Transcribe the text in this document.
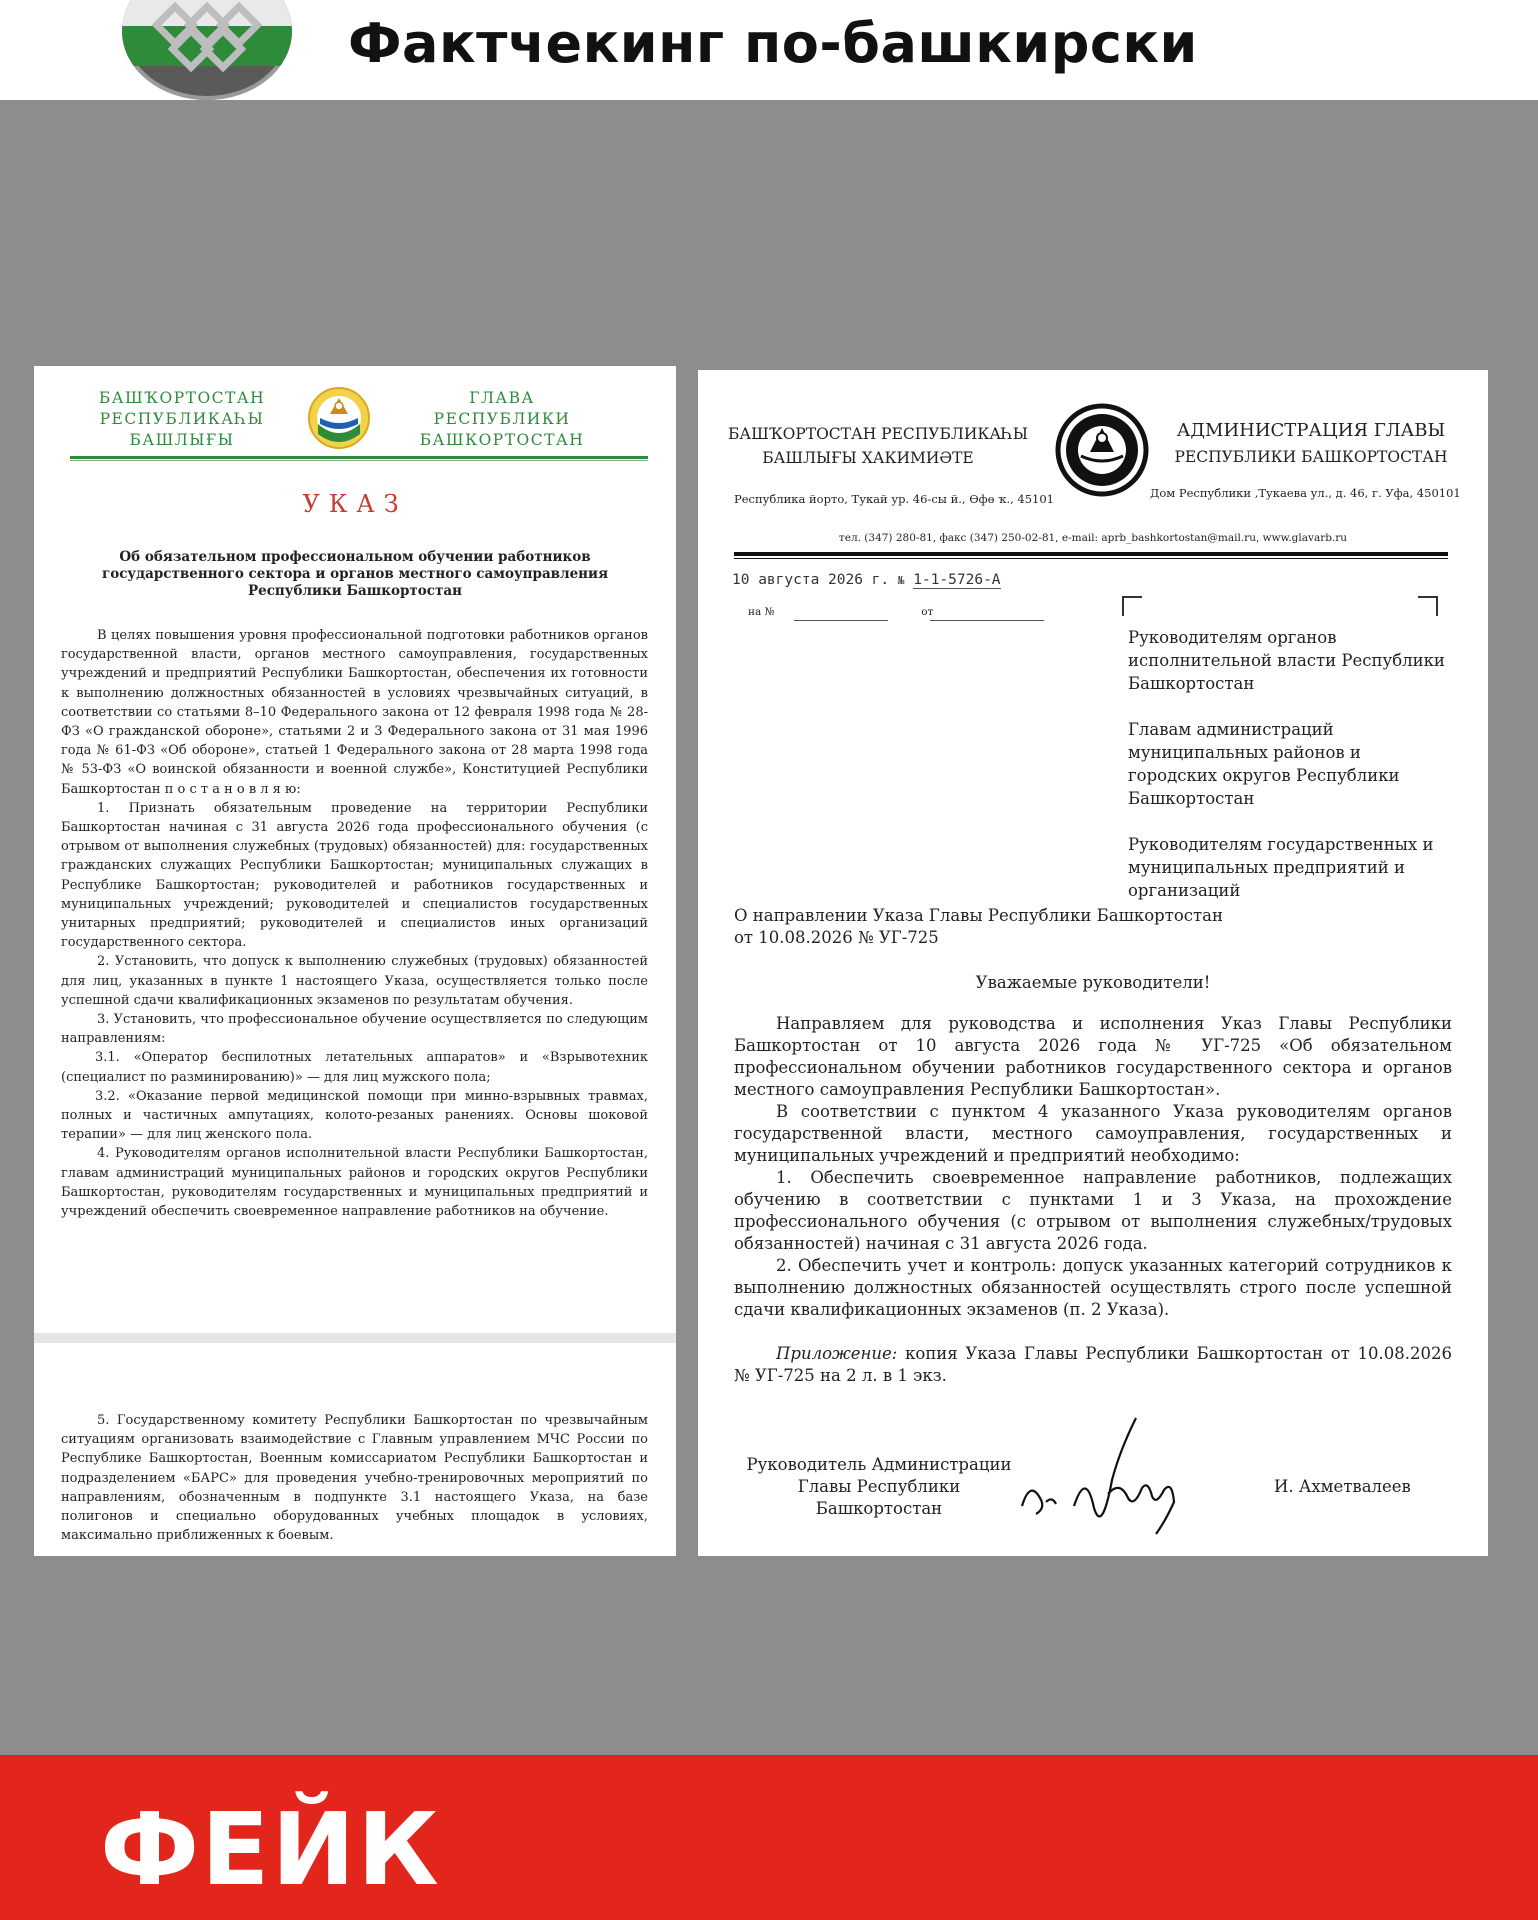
Фактчекинг по-башкирски
БАШҠОРТОСТАН
РЕСПУБЛИКАҺЫ
БАШЛЫҒЫ
ГЛАВА
РЕСПУБЛИКИ
БАШКОРТОСТАН
УКАЗ
Об обязательном профессиональном обучении работников государственного сектора и органов местного самоуправления Республики Башкортостан

В целях повышения уровня профессиональной подготовки работников органов государственной власти, органов местного самоуправления, государственных учреждений и предприятий Республики Башкортостан, обеспечения их готовности к выполнению должностных обязанностей в условиях чрезвычайных ситуаций, в соответствии со статьями 8–10 Федерального закона от 12 февраля 1998 года № 28-ФЗ «О гражданской обороне», статьями 2 и 3 Федерального закона от 31 мая 1996 года № 61-ФЗ «Об обороне», статьей 1 Федерального закона от 28 марта 1998 года № 53-ФЗ «О воинской обязанности и военной службе», Конституцией Республики Башкортостан п о с т а н о в л я ю:

1. Признать обязательным проведение на территории Республики Башкортостан начиная с 31 августа 2026 года профессионального обучения (с отрывом от выполнения служебных (трудовых) обязанностей) для: государственных гражданских служащих Республики Башкортостан; муниципальных служащих в Республике Башкортостан; руководителей и работников государственных и муниципальных учреждений; руководителей и специалистов государственных унитарных предприятий; руководителей и специалистов иных организаций государственного сектора.

2. Установить, что допуск к выполнению служебных (трудовых) обязанностей для лиц, указанных в пункте 1 настоящего Указа, осуществляется только после успешной сдачи квалификационных экзаменов по результатам обучения.

3. Установить, что профессиональное обучение осуществляется по следующим направлениям:

3.1. «Оператор беспилотных летательных аппаратов» и «Взрывотехник (специалист по разминированию)» — для лиц мужского пола;

3.2. «Оказание первой медицинской помощи при минно-взрывных травмах, полных и частичных ампутациях, колото-резаных ранениях. Основы шоковой терапии» — для лиц женского пола.

4. Руководителям органов исполнительной власти Республики Башкортостан, главам администраций муниципальных районов и городских округов Республики Башкортостан, руководителям государственных и муниципальных предприятий и учреждений обеспечить своевременное направление работников на обучение.

5. Государственному комитету Республики Башкортостан по чрезвычайным ситуациям организовать взаимодействие с Главным управлением МЧС России по Республике Башкортостан, Военным комиссариатом Республики Башкортостан и подразделением «БАРС» для проведения учебно-тренировочных мероприятий по направлениям, обозначенным в подпункте 3.1 настоящего Указа, на базе полигонов и специально оборудованных учебных площадок в условиях, максимально приближенных к боевым.

БАШҠОРТОСТАН РЕСПУБЛИКАҺЫ
БАШЛЫҒЫ ХАКИМИӘТЕ
АДМИНИСТРАЦИЯ ГЛАВЫ
РЕСПУБЛИКИ БАШКОРТОСТАН
Республика йорто, Тукай ур. 46-сы й., Өфө ҡ., 45101	Дом Республики ,Тукаева ул., д. 46, г. Уфа, 450101
тел. (347) 280-81, факс (347) 250-02-81, e-mail: aprb_bashkortostan@mail.ru, www.glavarb.ru
10 августа 2026 г. № 1-1-5726-А
на №	от

Руководителям органов исполнительной власти Республики Башкортостан

Главам администраций муниципальных районов и городских округов Республики Башкортостан

Руководителям государственных и муниципальных предприятий и организаций

О направлении Указа Главы Республики Башкортостан от 10.08.2026 № УГ-725
Уважаемые руководители!

Направляем для руководства и исполнения Указ Главы Республики Башкортостан от 10 августа 2026 года № УГ-725 «Об обязательном профессиональном обучении работников государственного сектора и органов местного самоуправления Республики Башкортостан».

В соответствии с пунктом 4 указанного Указа руководителям органов государственной власти, местного самоуправления, государственных и муниципальных учреждений и предприятий необходимо:

1. Обеспечить своевременное направление работников, подлежащих обучению в соответствии с пунктами 1 и 3 Указа, на прохождение профессионального обучения (с отрывом от выполнения служебных/трудовых обязанностей) начиная с 31 августа 2026 года.

2. Обеспечить учет и контроль: допуск указанных категорий сотрудников к выполнению должностных обязанностей осуществлять строго после успешной сдачи квалификационных экзаменов (п. 2 Указа).

Приложение: копия Указа Главы Республики Башкортостан от 10.08.2026 № УГ-725 на 2 л. в 1 экз.

Руководитель Администрации Главы Республики Башкортостан
И. Ахметвалеев
ФЕЙК
